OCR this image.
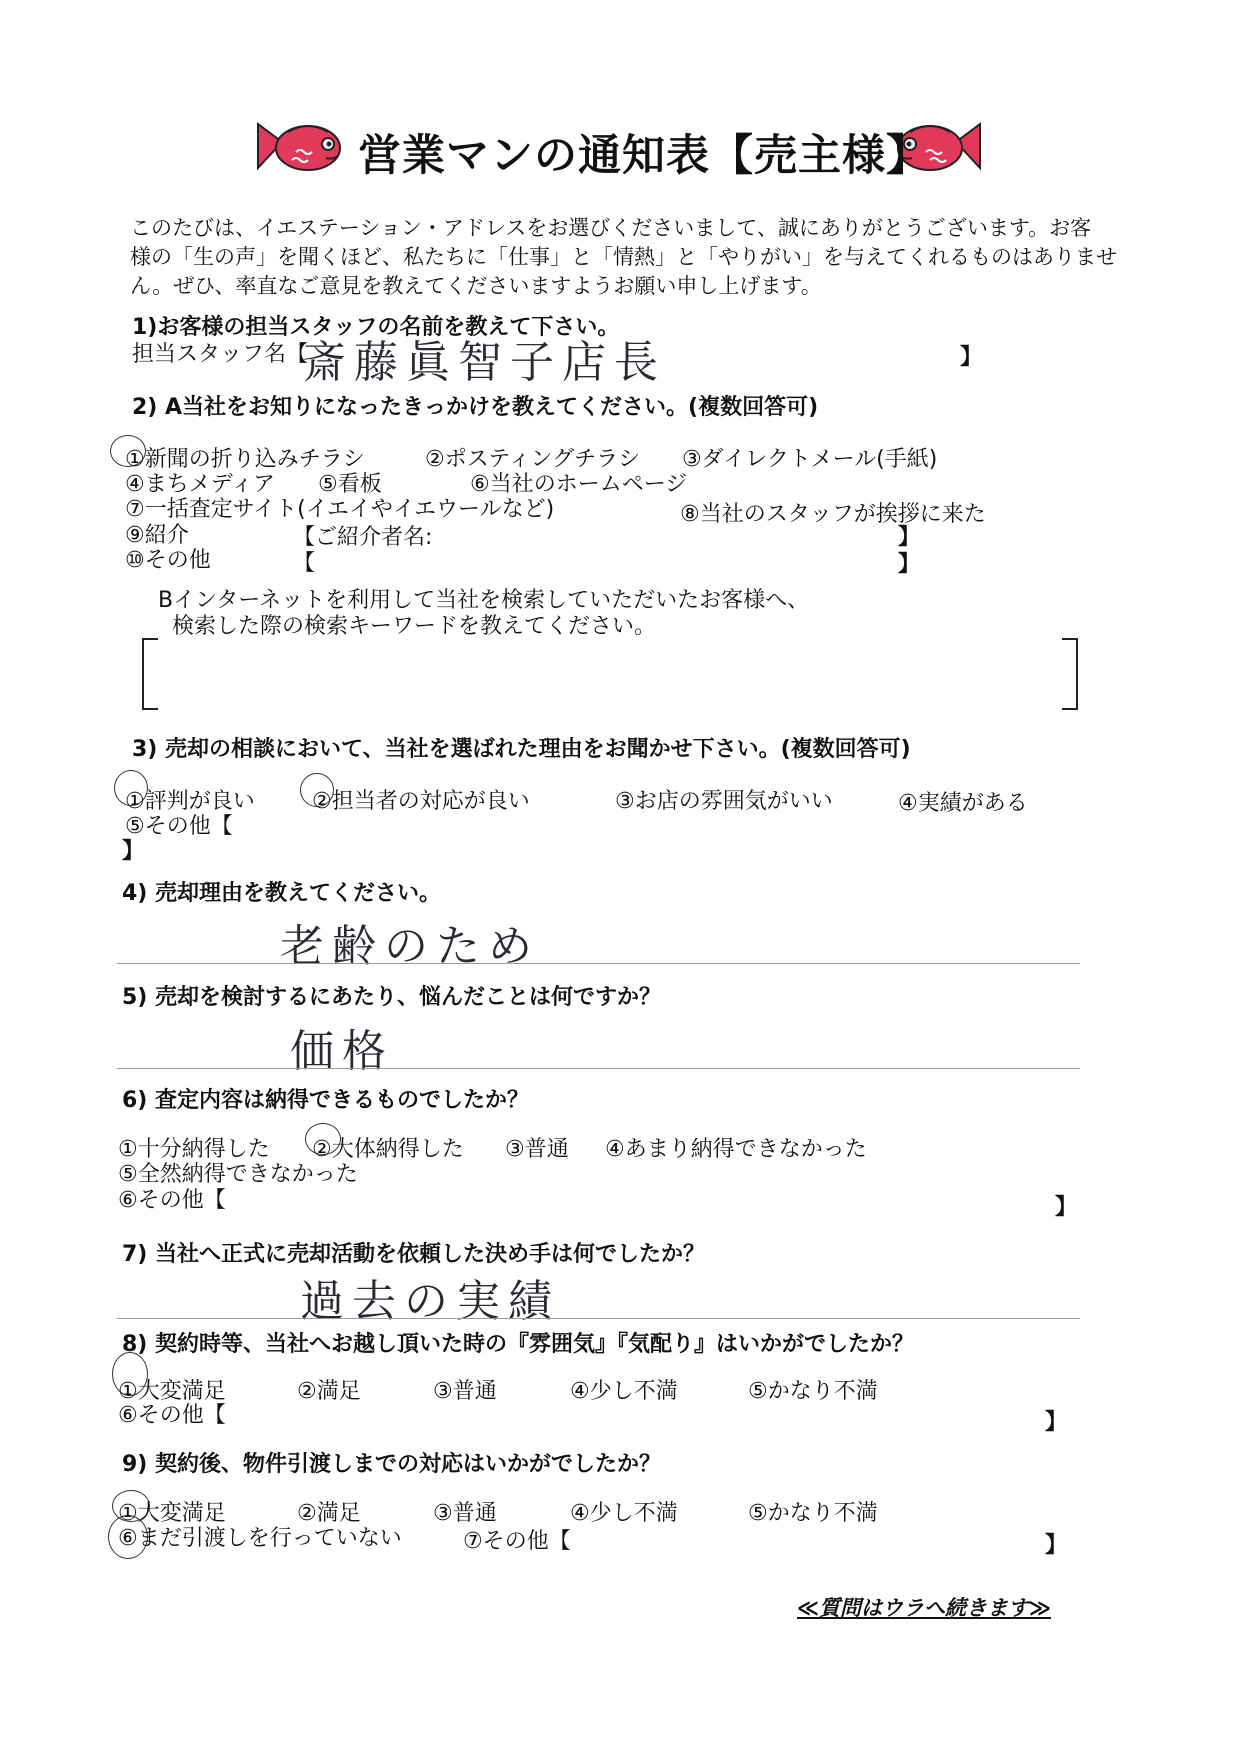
営業マンの通知表【売主様】
このたびは、イエステーション・アドレスをお選びくださいまして、誠にありがとうございます。お客
様の「生の声」を聞くほど、私たちに「仕事」と「情熱」と「やりがい」を与えてくれるものはありませ
ん。ぜひ、率直なご意見を教えてくださいますようお願い申し上げます。
1)お客様の担当スタッフの名前を教えて下さい。
担当スタッフ名【
斎藤眞智子店長	】
2) A当社をお知りになったきっかけを教えてください。(複数回答可)
①新聞の折り込みチラシ	②ポスティングチラシ ③ダイレクトメール(手紙)
④まちメディア ⑤看板	⑥当社のホームページ
⑦一括査定サイト(イエイやイエウールなど)	⑧当社のスタッフが挨拶に来た
⑨紹介	【ご紹介者名:	】
⑩その他	【	】
Bインターネットを利用して当社を検索していただいたお客様へ、
検索した際の検索キーワードを教えてください。
3) 売却の相談において、当社を選ばれた理由をお聞かせ下さい。(複数回答可)
①評判が良い	②担当者の対応が良い	③お店の雰囲気がいい	④実績がある
⑤その他【
】
4) 売却理由を教えてください。
老齢のため
5) 売却を検討するにあたり、悩んだことは何ですか？
価格
6) 査定内容は納得できるものでしたか？
①十分納得した ②大体納得した ③普通 ④あまり納得できなかった
⑤全然納得できなかった
⑥その他【	】
7) 当社へ正式に売却活動を依頼した決め手は何でしたか？
過去の実績
8) 契約時等、当社へお越し頂いた時の『雰囲気』『気配り』はいかがでしたか？
①大変満足	②満足	③普通	④少し不満	⑤かなり不満
⑥その他【	】
9) 契約後、物件引渡しまでの対応はいかがでしたか？
①大変満足	②満足	③普通	④少し不満	⑤かなり不満
⑥まだ引渡しを行っていない	⑦その他【	】
≪質問はウラへ続きます≫
